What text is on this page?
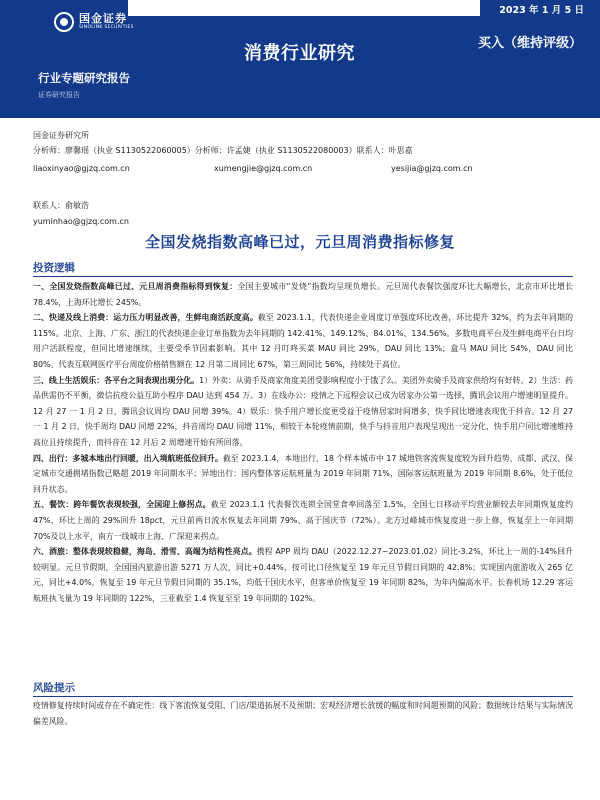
国金证券
SINOLINK SECURITIES
2023 年 1 月 5 日
消费行业研究	买入（维持评级）
行业专题研究报告
证券研究报告
国金证券研究所
分析师：廖馨瑶（执业 S1130522060005）分析师：许孟婕（执业 S1130522080003）联系人：叶思嘉
liaoxinyao@gjzq.com.cn	xumengjie@gjzq.com.cn	yesijia@gjzq.com.cn
联系人：俞敏浩
yuminhao@gjzq.com.cn
全国发烧指数高峰已过，元旦周消费指标修复
投资逻辑

一、全国发烧指数高峰已过、元旦周消费指标得到恢复：全国主要城市“发烧”指数均呈现负增长。元旦周代表餐饮强度环比大幅增长，北京市环比增长 78.4%，上海环比增长 245%。

二、快递及线上消费：运力压力明显改善，生鲜电商活跃度高。截至 2023.1.1，代表快递企业周度订单强度环比改善，环比提升 32%，约为去年同期的 115%。北京、上海、广东、浙江的代表快递企业订单指数为去年同期的 142.41%、149.12%、84.01%、134.56%。多数电商平台及生鲜电商平台日均用户活跃程度，但同比增速继续，主要受季节因素影响。其中 12 月叮咚买菜 MAU 同比 29%，DAU 同比 13%；盒马 MAU 同比 54%，DAU 同比 80%。代表互联网医疗平台周度价格销售额在 12 月第二周同比 67%，第三周同比 56%，持续处于高位。

三、线上生活娱乐：各平台之间表现出现分化。1）外卖：从骑手及商家角度美团受影响程度小于饿了么。美团外卖骑手及商家供给均有好转。2）生活：药品供需仍不平衡，微信抗疫公益互助小程序 DAU 达到 454 万。3）在线办公：疫情之下远程会议已成为居家办公第一选择，腾讯会议用户增速明显提升。12 月 27 一 1 月 2 日，腾讯会议周均 DAU 同增 39%。4）娱乐：快手用户增长度更受益于疫情居家时间增多，快手同比增速表现优于抖音。12 月 27 一 1 月 2 日，快手周均 DAU 同增 22%，抖音周均 DAU 同增 11%，相较于本轮疫情前期，快手与抖音用户表现呈现出一定分化，快手用户同比增速维持高位且持续提升，而抖音在 12 月后 2 周增速开始有所回落。

四、出行：多城本地出行回暖，出入境航班低位回升。截至 2023.1.4，本地出行，18 个样本城市中 17 城地铁客流恢复度较为回升趋势，成都、武汉、保定城市交通拥堵指数已略超 2019 年同期水平；异地出行：国内整体客运航班量为 2019 年同期 71%，国际客运航班量为 2019 年同期 8.6%，处于低位回升状态。

五、餐饮：跨年餐饮表现较强，全国迎上修拐点。截至 2023.1.1 代表餐饮连锁全国堂食率回落至 1.5%，全国七日移动平均营业额较去年同期恢复度约 47%，环比上周的 29%回升 18pct，元旦前两日流水恢复去年同期 79%、高于国庆节（72%）。北方过峰城市恢复度进一步上修，恢复至上一年同期 70%及以上水平，南方一线城市上海、广深迎来拐点。

六、酒旅：整体表现较稳健，海岛、滑雪、高端为结构性亮点。携程 APP 周均 DAU（2022.12.27~2023.01.02）同比-3.2%，环比上一周的-14%回升较明显。元旦节假期，全国国内旅游出游 5271 万人次，同比+0.44%，按可比口径恢复至 19 年元旦节假日同期的 42.8%；实现国内旅游收入 265 亿元，同比+4.0%，恢复至 19 年元旦节假日同期的 35.1%，均低于国庆水平，但客单价恢复至 19 年同期 82%，为年内偏高水平。长春机场 12.29 客运航班执飞量为 19 年同期的 122%，三亚截至 1.4 恢复至至 19 年同期的 102%。

风险提示
疫情修复持续时间或存在不确定性：线下客流恢复受阻、门店/渠道拓展不及预期；宏观经济增长放缓的幅度和时间超预期的风险；数据统计结果与实际情况偏差风险。
